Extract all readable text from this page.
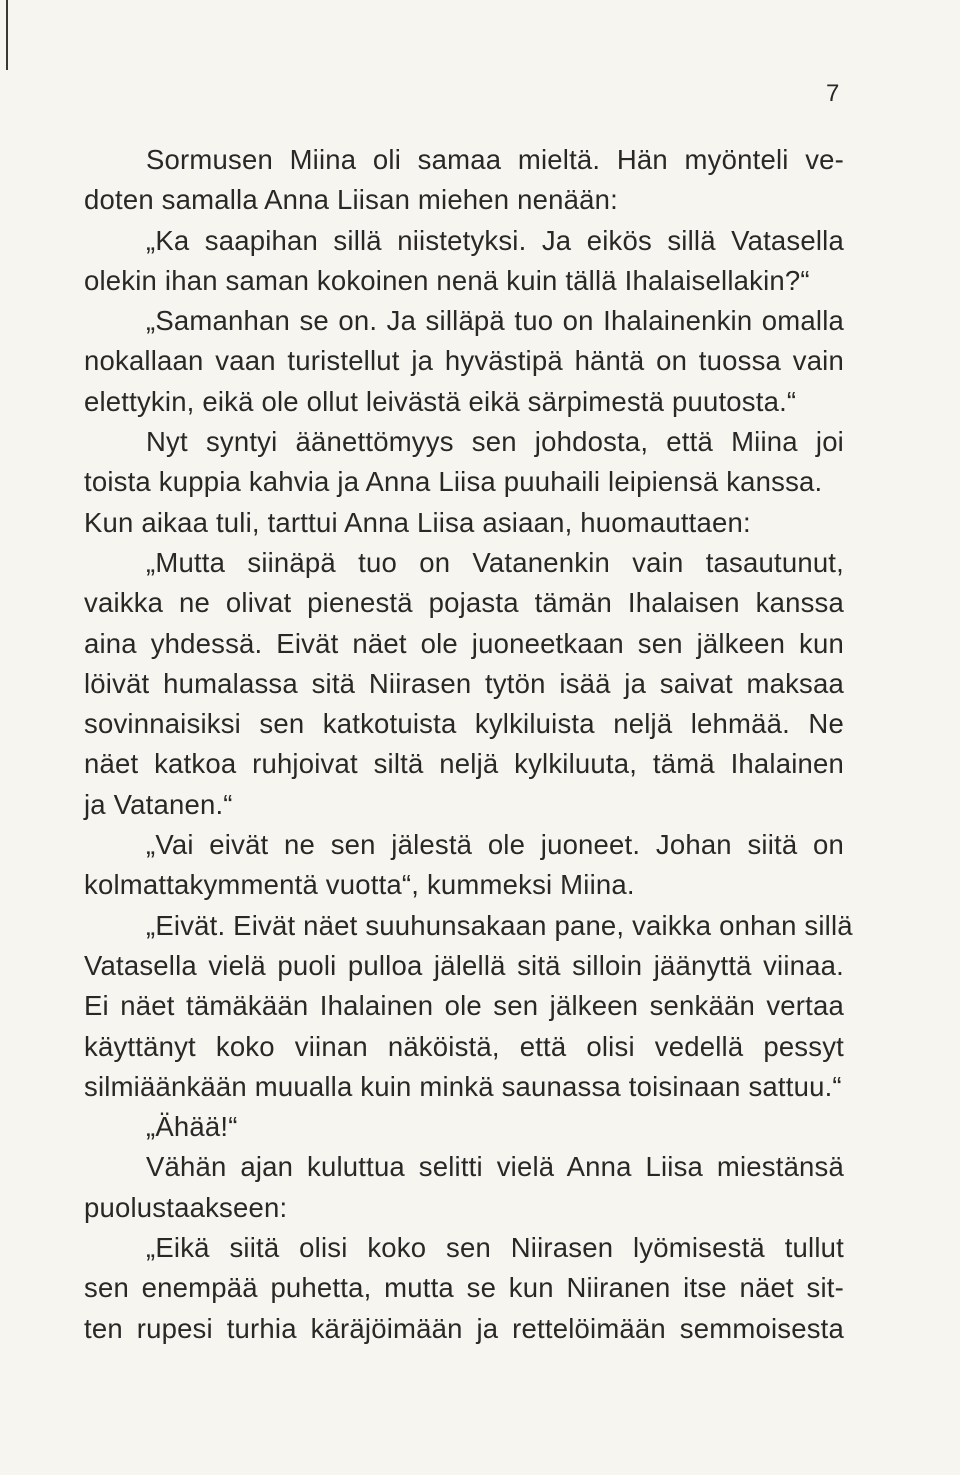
7
Sormusen Miina oli samaa mieltä. Hän myönteli ve-
doten samalla Anna Liisan miehen nenään:
„Ka saapihan sillä niistetyksi. Ja eikös sillä Vatasella
olekin ihan saman kokoinen nenä kuin tällä Ihalaisellakin?“
„Samanhan se on. Ja silläpä tuo on Ihalainenkin omalla
nokallaan vaan turistellut ja hyvästipä häntä on tuossa vain
elettykin, eikä ole ollut leivästä eikä särpimestä puutosta.“
Nyt syntyi äänettömyys sen johdosta, että Miina joi
toista kuppia kahvia ja Anna Liisa puuhaili leipiensä kanssa.
Kun aikaa tuli, tarttui Anna Liisa asiaan, huomauttaen:
„Mutta siinäpä tuo on Vatanenkin vain tasautunut,
vaikka ne olivat pienestä pojasta tämän Ihalaisen kanssa
aina yhdessä. Eivät näet ole juoneetkaan sen jälkeen kun
löivät humalassa sitä Niirasen tytön isää ja saivat maksaa
sovinnaisiksi sen katkotuista kylkiluista neljä lehmää. Ne
näet katkoa ruhjoivat siltä neljä kylkiluuta, tämä Ihalainen
ja Vatanen.“
„Vai eivät ne sen jälestä ole juoneet. Johan siitä on
kolmattakymmentä vuotta“, kummeksi Miina.
„Eivät. Eivät näet suuhunsakaan pane, vaikka onhan sillä
Vatasella vielä puoli pulloa jälellä sitä silloin jäänyttä viinaa.
Ei näet tämäkään Ihalainen ole sen jälkeen senkään vertaa
käyttänyt koko viinan näköistä, että olisi vedellä pessyt
silmiäänkään muualla kuin minkä saunassa toisinaan sattuu.“
„Ähää!“
Vähän ajan kuluttua selitti vielä Anna Liisa miestänsä
puolustaakseen:
„Eikä siitä olisi koko sen Niirasen lyömisestä tullut
sen enempää puhetta, mutta se kun Niiranen itse näet sit-
ten rupesi turhia käräjöimään ja rettelöimään semmoisesta
